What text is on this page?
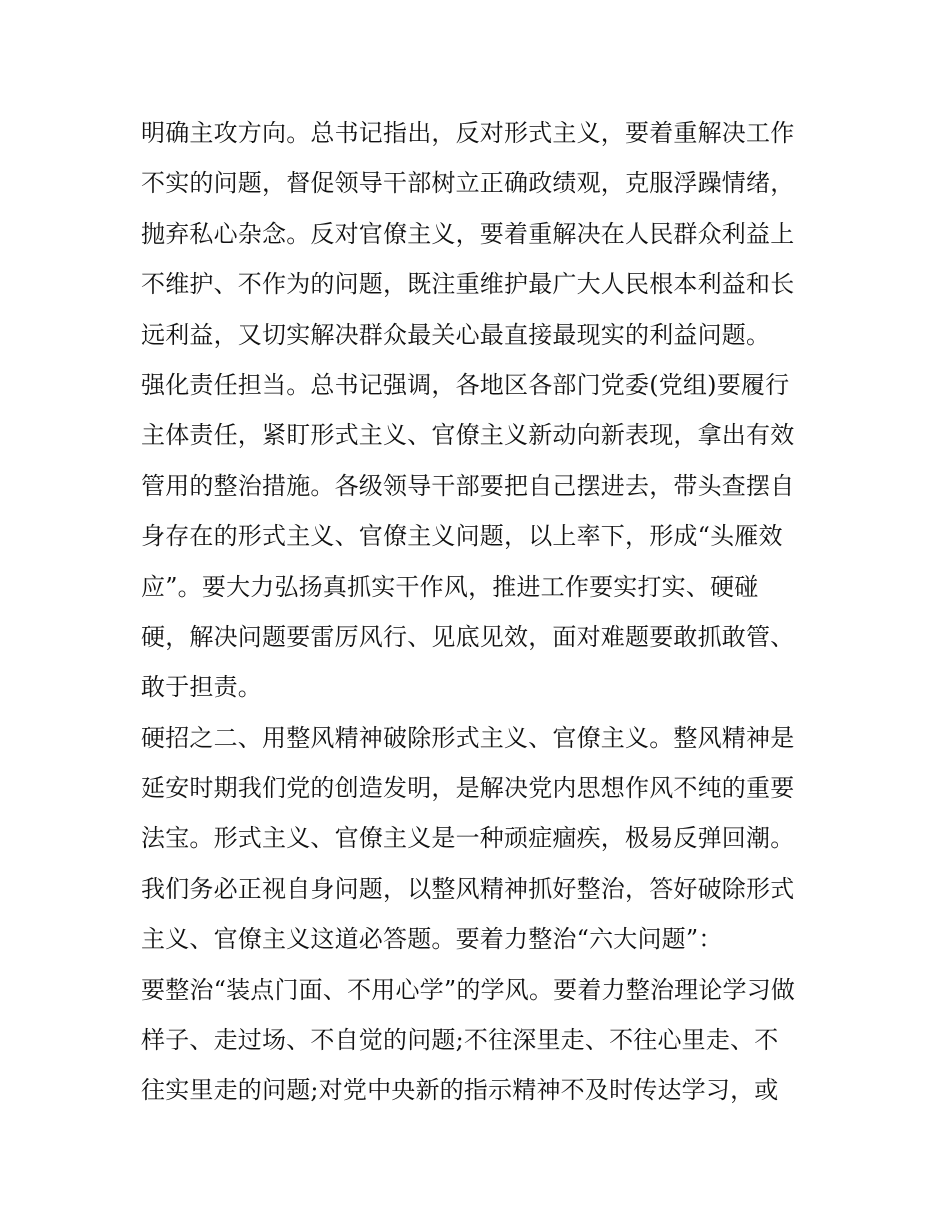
明确主攻方向。总书记指出，反对形式主义，要着重解决工作
不实的问题，督促领导干部树立正确政绩观，克服浮躁情绪，
抛弃私心杂念。反对官僚主义，要着重解决在人民群众利益上
不维护、不作为的问题，既注重维护最广大人民根本利益和长
远利益，又切实解决群众最关心最直接最现实的利益问题。
强化责任担当。总书记强调，各地区各部门党委(党组)要履行
主体责任，紧盯形式主义、官僚主义新动向新表现，拿出有效
管用的整治措施。各级领导干部要把自己摆进去，带头查摆自
身存在的形式主义、官僚主义问题，以上率下，形成“头雁效
应”。要大力弘扬真抓实干作风，推进工作要实打实、硬碰
硬，解决问题要雷厉风行、见底见效，面对难题要敢抓敢管、
敢于担责。
硬招之二、用整风精神破除形式主义、官僚主义。整风精神是
延安时期我们党的创造发明，是解决党内思想作风不纯的重要
法宝。形式主义、官僚主义是一种顽症痼疾，极易反弹回潮。
我们务必正视自身问题，以整风精神抓好整治，答好破除形式
主义、官僚主义这道必答题。要着力整治“六大问题”：
要整治“装点门面、不用心学”的学风。要着力整治理论学习做
样子、走过场、不自觉的问题;不往深里走、不往心里走、不
往实里走的问题;对党中央新的指示精神不及时传达学习，或
